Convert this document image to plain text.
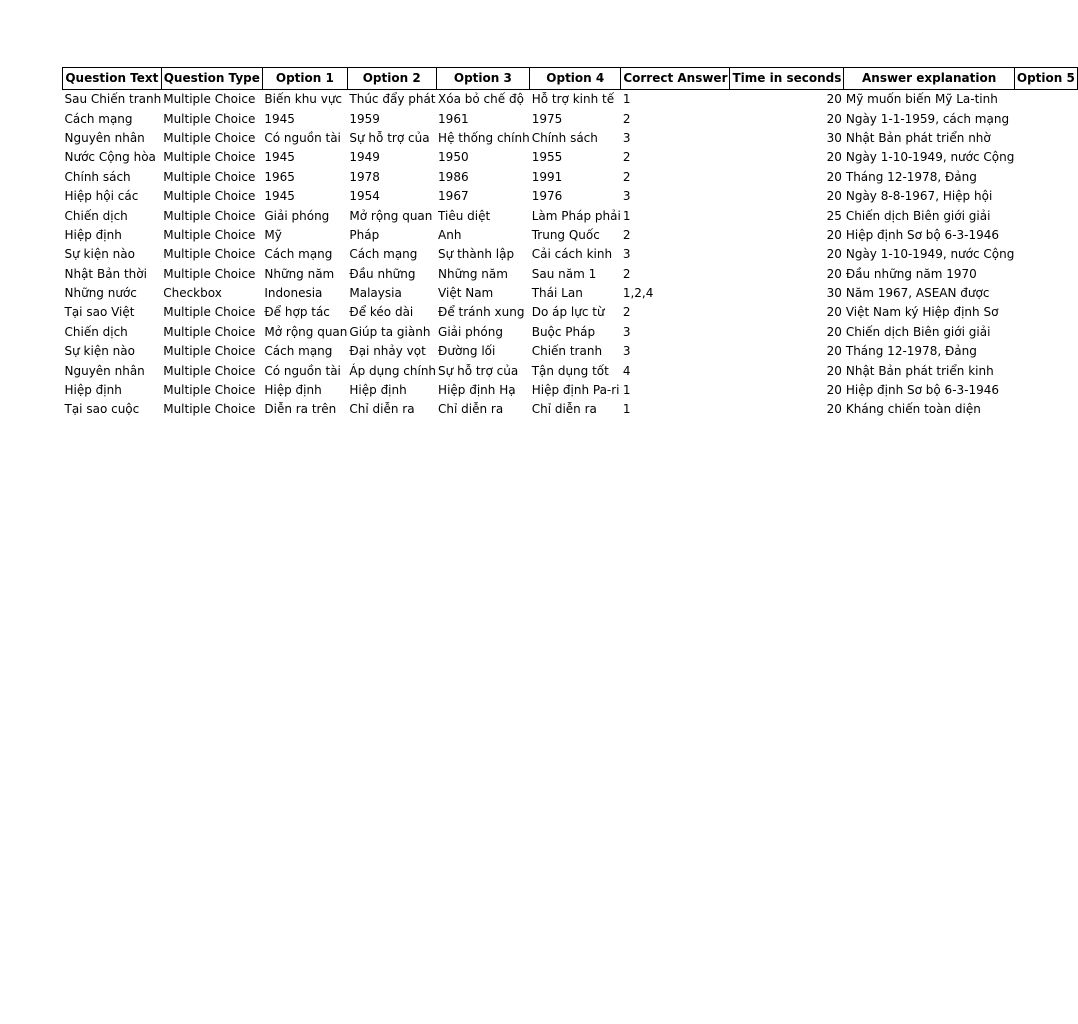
Question Text	Question Type	Option 1	Option 2	Option 3	Option 4	Correct Answer	Time in seconds	Answer explanation	Option 5
Sau Chiến tranh	Multiple Choice	Biến khu vực	Thúc đẩy phát	Xóa bỏ chế độ	Hỗ trợ kinh tế	1	20	Mỹ muốn biến Mỹ La-tinh	
Cách mạng	Multiple Choice	1945	1959	1961	1975	2	20	Ngày 1-1-1959, cách mạng	
Nguyên nhân	Multiple Choice	Có nguồn tài	Sự hỗ trợ của	Hệ thống chính	Chính sách	3	30	Nhật Bản phát triển nhờ	
Nước Cộng hòa	Multiple Choice	1945	1949	1950	1955	2	20	Ngày 1-10-1949, nước Cộng	
Chính sách	Multiple Choice	1965	1978	1986	1991	2	20	Tháng 12-1978, Đảng	
Hiệp hội các	Multiple Choice	1945	1954	1967	1976	3	20	Ngày 8-8-1967, Hiệp hội	
Chiến dịch	Multiple Choice	Giải phóng	Mở rộng quan	Tiêu diệt	Làm Pháp phải	1	25	Chiến dịch Biên giới giải	
Hiệp định	Multiple Choice	Mỹ	Pháp	Anh	Trung Quốc	2	20	Hiệp định Sơ bộ 6-3-1946	
Sự kiện nào	Multiple Choice	Cách mạng	Cách mạng	Sự thành lập	Cải cách kinh	3	20	Ngày 1-10-1949, nước Cộng	
Nhật Bản thời	Multiple Choice	Những năm	Đầu những	Những năm	Sau năm 1	2	20	Đầu những năm 1970	
Những nước	Checkbox	Indonesia	Malaysia	Việt Nam	Thái Lan	1,2,4	30	Năm 1967, ASEAN được	
Tại sao Việt	Multiple Choice	Để hợp tác	Để kéo dài	Để tránh xung	Do áp lực từ	2	20	Việt Nam ký Hiệp định Sơ	
Chiến dịch	Multiple Choice	Mở rộng quan	Giúp ta giành	Giải phóng	Buộc Pháp	3	20	Chiến dịch Biên giới giải	
Sự kiện nào	Multiple Choice	Cách mạng	Đại nhảy vọt	Đường lối	Chiến tranh	3	20	Tháng 12-1978, Đảng	
Nguyên nhân	Multiple Choice	Có nguồn tài	Áp dụng chính	Sự hỗ trợ của	Tận dụng tốt	4	20	Nhật Bản phát triển kinh	
Hiệp định	Multiple Choice	Hiệp định	Hiệp định	Hiệp định Hạ	Hiệp định Pa-ri	1	20	Hiệp định Sơ bộ 6-3-1946	
Tại sao cuộc	Multiple Choice	Diễn ra trên	Chỉ diễn ra	Chỉ diễn ra	Chỉ diễn ra	1	20	Kháng chiến toàn diện	
